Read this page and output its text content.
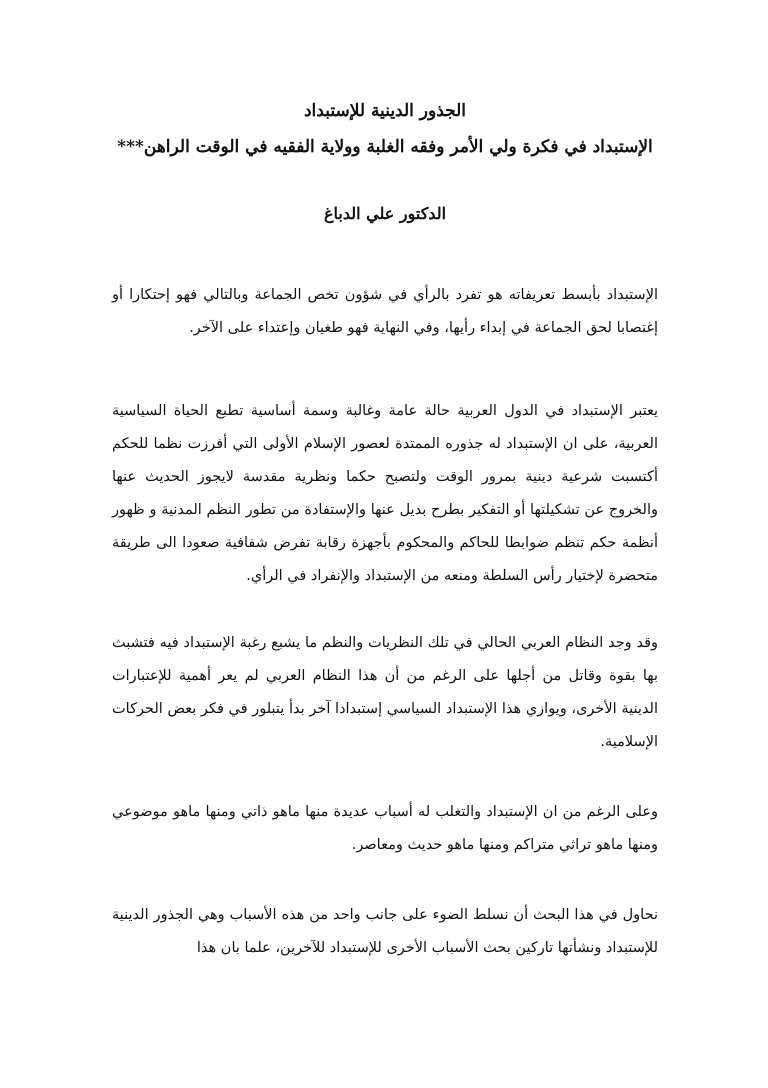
الجذور الدينية للإستبداد

الإستبداد في فكرة ولي الأمر وفقه الغلبة وولاية الفقيه في الوقت الراهن***

الدكتور علي الدباغ

الإستبداد بأبسط تعريفاته هو تفرد بالرأي في شؤون تخص الجماعة وبالتالي فهو إحتكارا أو إغتصابا لحق الجماعة في إبداء رأيها، وفي النهاية فهو طغيان وإعتداء على الآخر.

يعتبر الإستبداد في الدول العربية حالة عامة وغالبة وسمة أساسية تطبع الحياة السياسية العربية، على ان الإستبداد له جذوره الممتدة لعصور الإسلام الأولى التي أفرزت نظما للحكم أكتسبت شرعية دينية بمرور الوقت ولتصبح حكما ونظرية مقدسة لايجوز الحديث عنها والخروج عن تشكيلتها أو التفكير بطرح بديل عنها والإستفادة من تطور النظم المدنية و ظهور أنظمة حكم تنظم ضوابطا للحاكم والمحكوم بأجهزة رقابة تفرض شفافية صعودا الى طريقة متحضرة لإختيار رأس السلطة ومنعه من الإستبداد والإنفراد في الرأي.

وقد وجد النظام العربي الحالي في تلك النظريات والنظم ما يشبع رغبة الإستبداد فيه فتشبث بها بقوة وقاتل من أجلها على الرغم من أن هذا النظام العربي لم يعر أهمية للإعتبارات الدينية الأخرى، ويوازي هذا الإستبداد السياسي إستبدادا آخر بدأ يتبلور في فكر بعض الحركات الإسلامية.

وعلى الرغم من ان الإستبداد والتغلب له أسباب عديدة منها ماهو ذاتي ومنها ماهو موضوعي ومنها ماهو تراثي متراكم ومنها ماهو حديث ومعاصر.

نحاول في هذا البحث أن نسلط الضوء على جانب واحد من هذه الأسباب وهي الجذور الدينية للإستبداد ونشأتها تاركين بحث الأسباب الأخرى للإستبداد للآخرين، علما بان هذا
